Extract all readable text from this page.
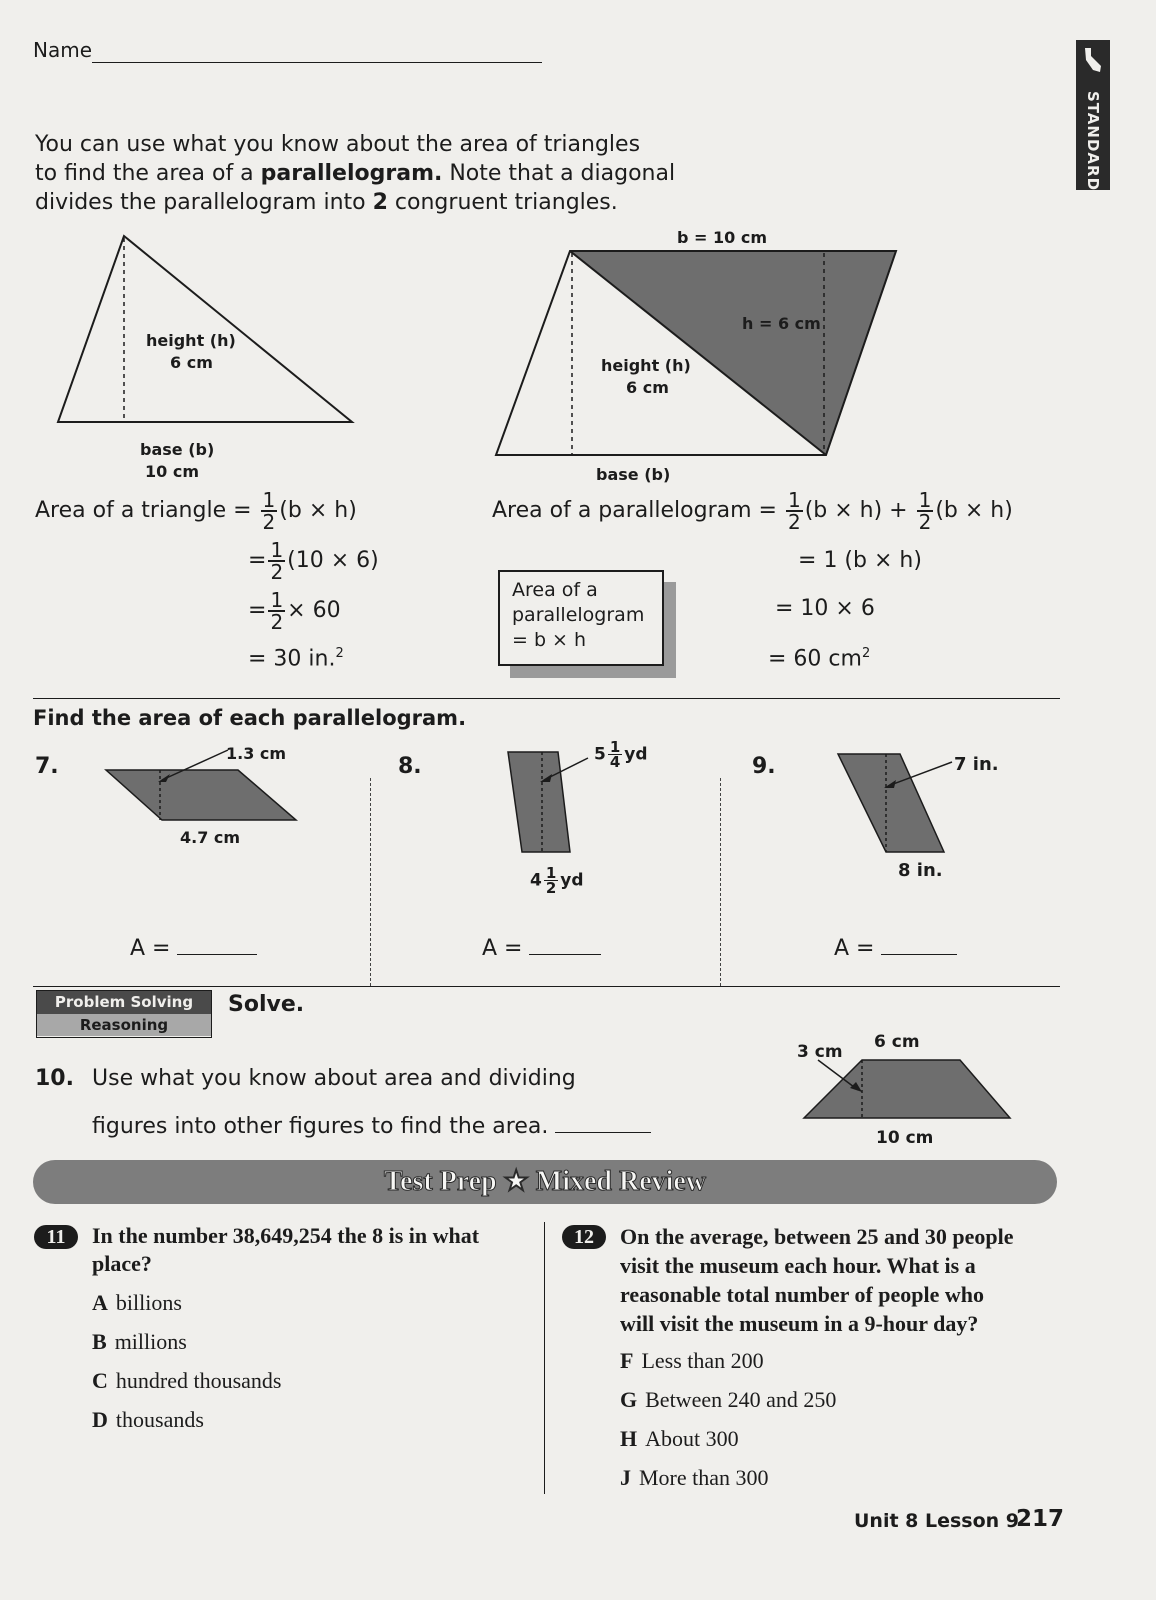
Name
STANDARD
You can use what you know about the area of triangles
to find the area of a parallelogram. Note that a diagonal
divides the parallelogram into 2 congruent triangles.
height (h)
6 cm
base (b)
10 cm
b = 10 cm
h = 6 cm
height (h)
6 cm
base (b)
Area of a triangle = $\frac{1}{2} (b \times h)$
= $\frac{1}{2} (10 \times 6)$
= $\frac{1}{2} \times 60$
= 30 in.$^2$
Area of a parallelogram = $\frac{1}{2} (b \times h) + \frac{1}{2} (b \times h)$
= 1 (b × h)
= 10 × 6
= 60 $cm^2$
Area of a
parallelogram
= b × h
Find the area of each parallelogram.
7.
1.3 cm
4.7 cm
A =
8.	$5 \frac{1}{4}$ yd
$4 \frac{1}{2}$ yd
A =
9.	7 in.
8 in.
A =
Problem Solving
Reasoning
Solve.
10. Use what you know about area and dividing
figures into other figures to find the area.
6 cm
3 cm
10 cm
Test Prep ★ Mixed Review
11	In the number 38,649,254 the 8 is in what
place?
A billions
B millions
C hundred thousands
D thousands
12	On the average, between 25 and 30 people
visit the museum each hour. What is a
reasonable total number of people who
will visit the museum in a 9-hour day?
F Less than 200
G Between 240 and 250
H About 300
J More than 300
Unit 8 Lesson 9
217
